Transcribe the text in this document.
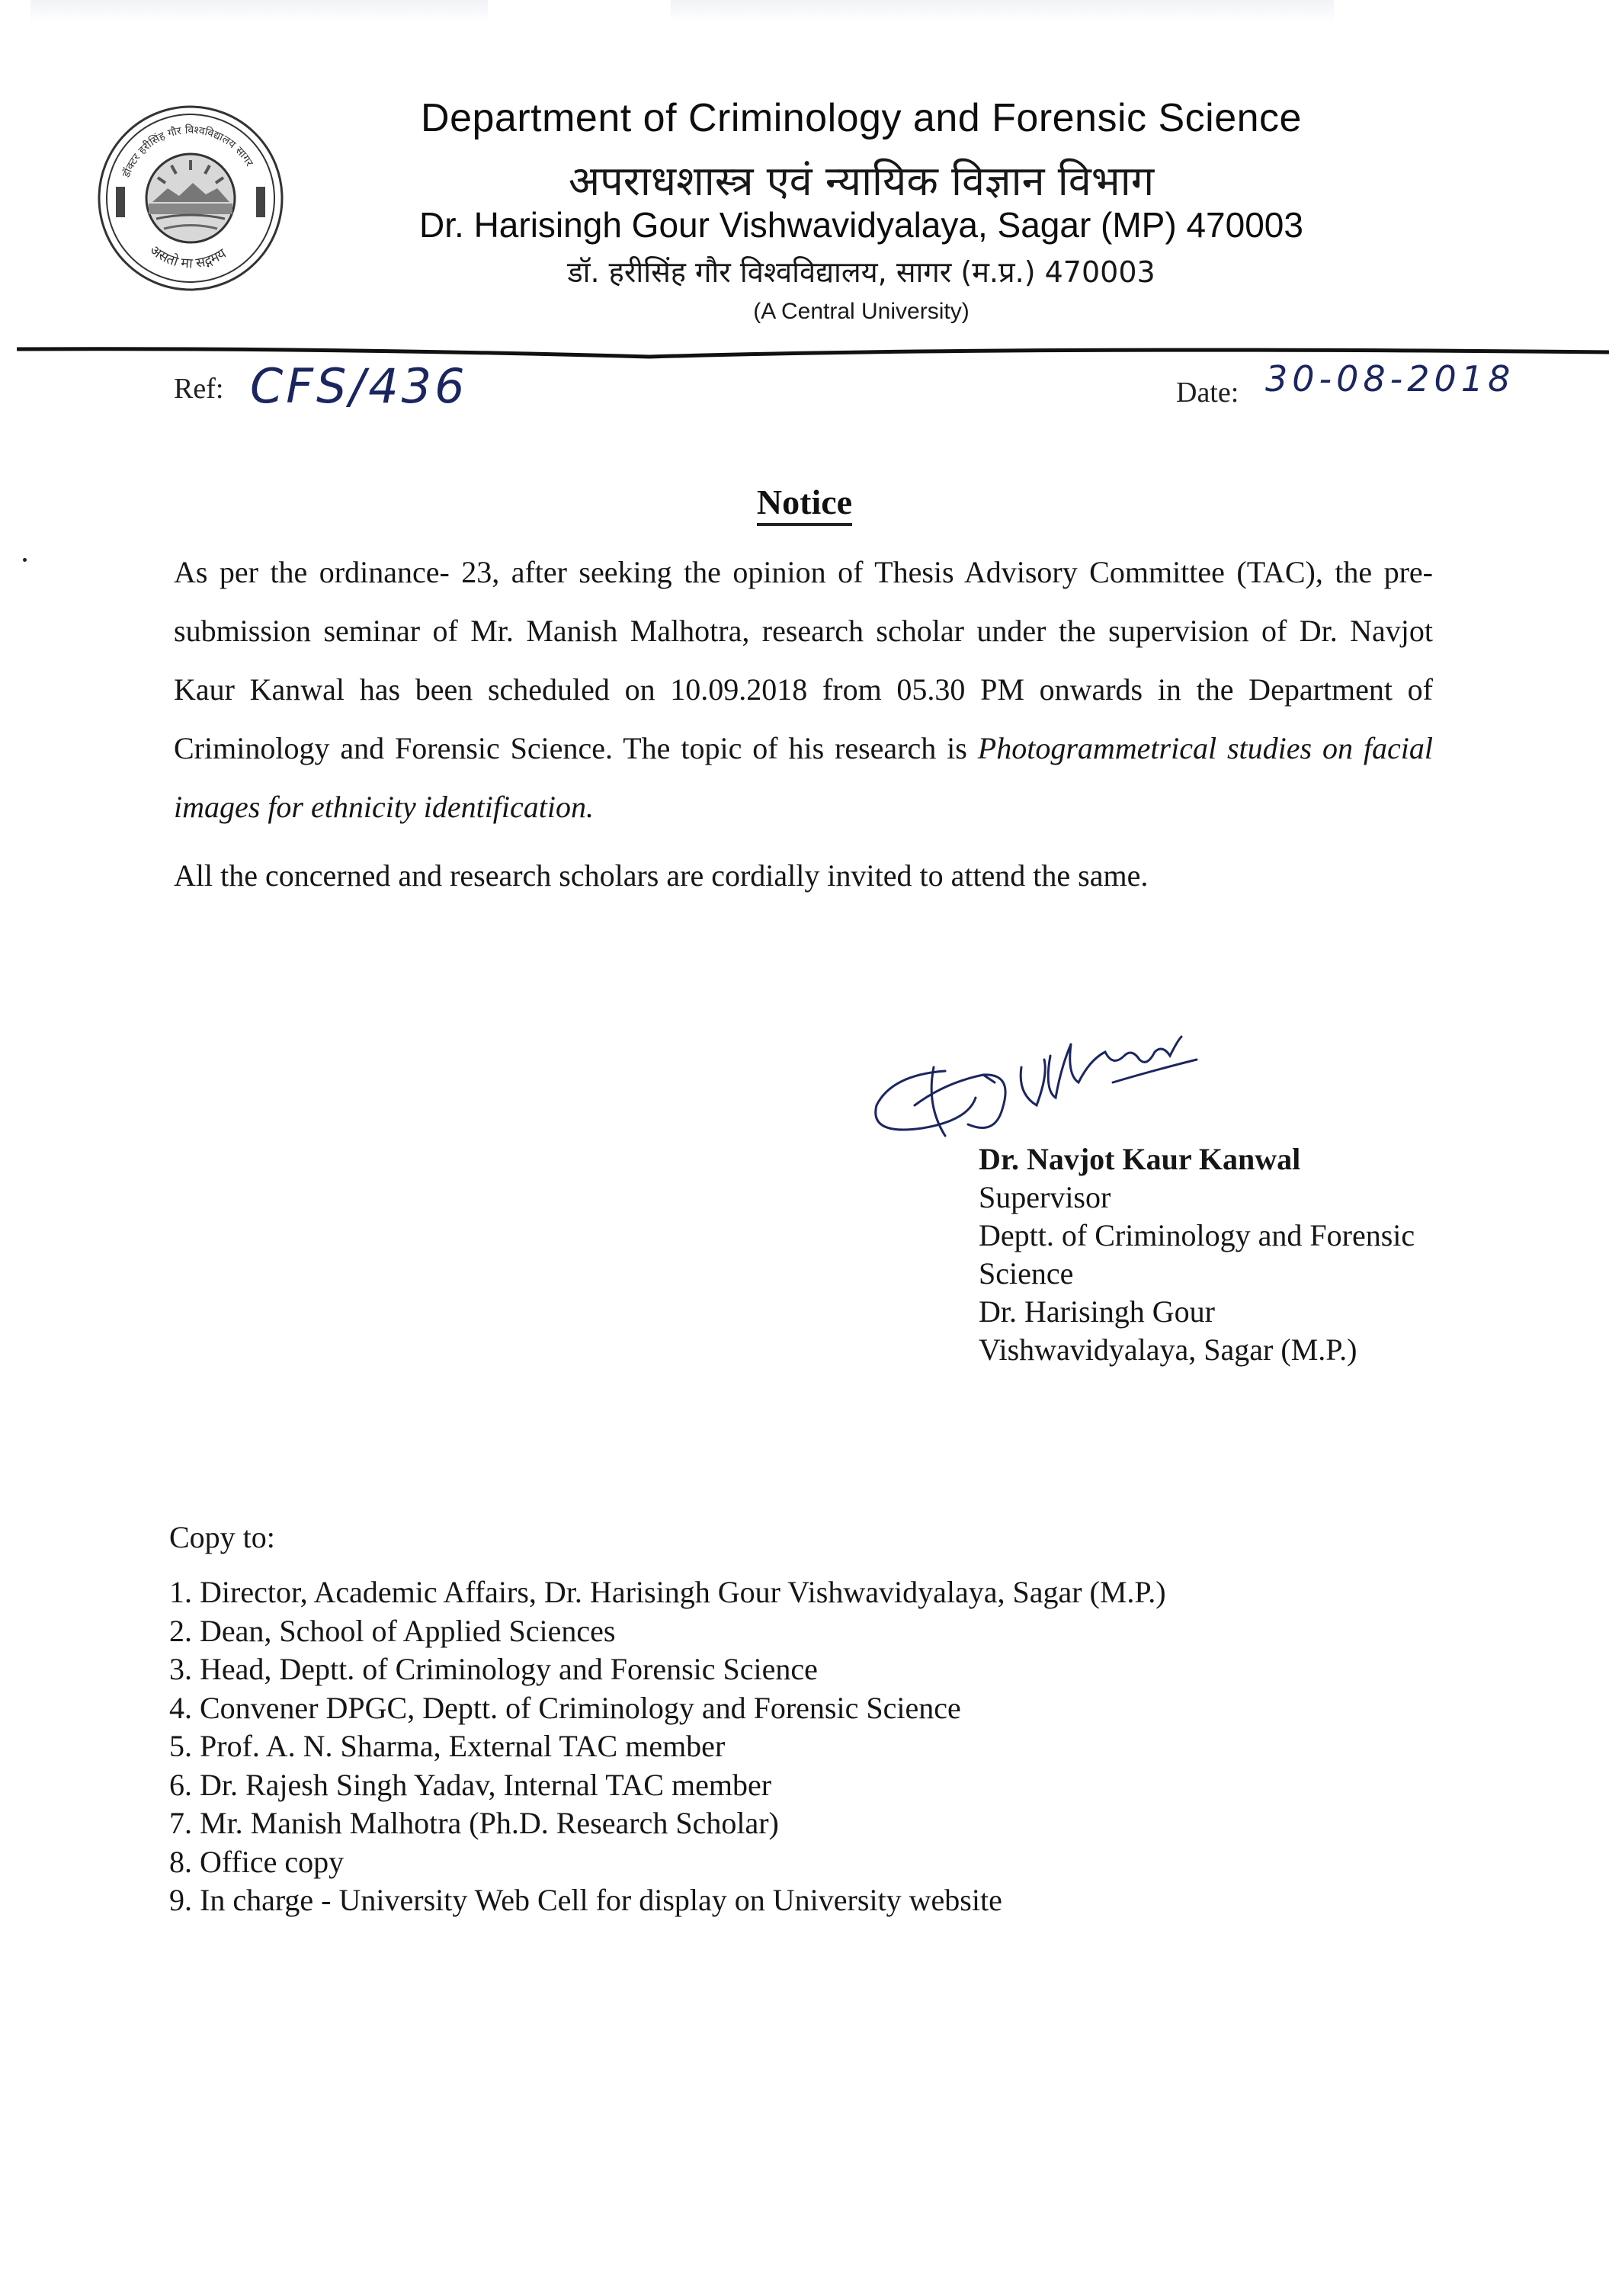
डॉक्टर हरीसिंह गौर विश्वविद्यालय सागर
असतो मा सद्गमय
Department of Criminology and Forensic Science
अपराधशास्त्र एवं न्यायिक विज्ञान विभाग
Dr. Harisingh Gour Vishwavidyalaya, Sagar (MP) 470003
डॉ. हरीसिंह गौर विश्वविद्यालय, सागर (म.प्र.) 470003
(A Central University)
Ref: CFS/436	Date: 30-08-2018
Notice
As per the ordinance- 23, after seeking the opinion of Thesis Advisory Committee (TAC), the pre-submission seminar of Mr. Manish Malhotra, research scholar under the supervision of Dr. Navjot Kaur Kanwal has been scheduled on 10.09.2018 from 05.30 PM onwards in the Department of Criminology and Forensic Science. The topic of his research is Photogrammetrical studies on facial images for ethnicity identification.
All the concerned and research scholars are cordially invited to attend the same.
Dr. Navjot Kaur Kanwal
Supervisor
Deptt. of Criminology and Forensic
Science
Dr. Harisingh Gour
Vishwavidyalaya, Sagar (M.P.)
Copy to:
1. Director, Academic Affairs, Dr. Harisingh Gour Vishwavidyalaya, Sagar (M.P.)
2. Dean, School of Applied Sciences
3. Head, Deptt. of Criminology and Forensic Science
4. Convener DPGC, Deptt. of Criminology and Forensic Science
5. Prof. A. N. Sharma, External TAC member
6. Dr. Rajesh Singh Yadav, Internal TAC member
7. Mr. Manish Malhotra (Ph.D. Research Scholar)
8. Office copy
9. In charge - University Web Cell for display on University website
